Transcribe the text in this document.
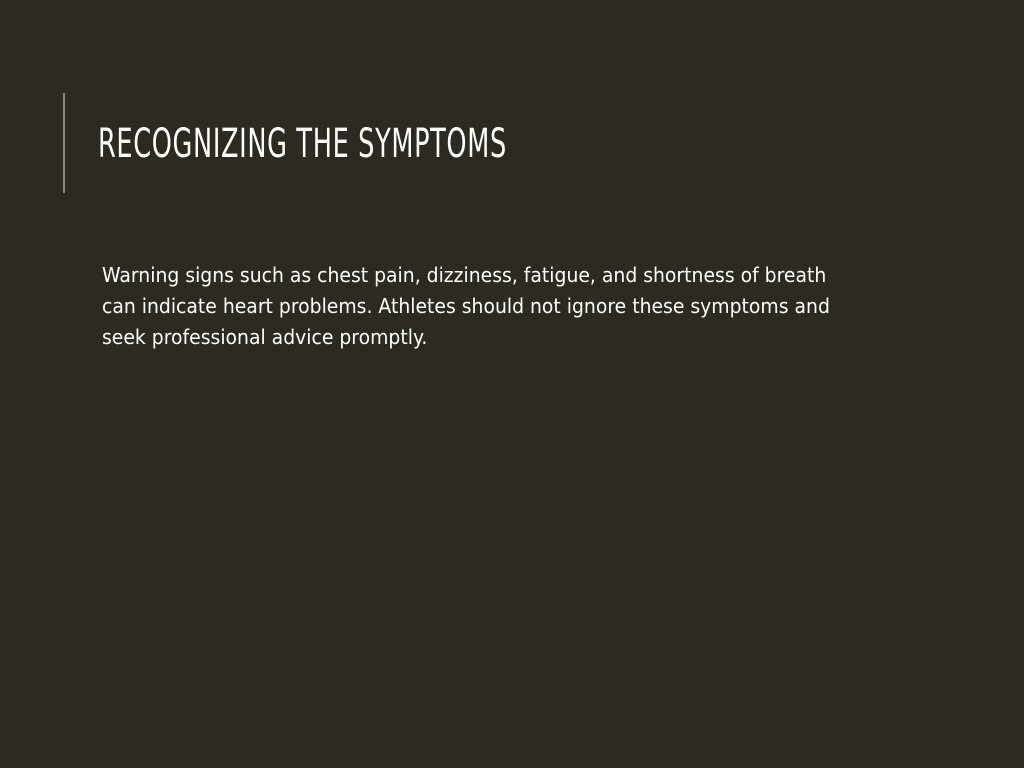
RECOGNIZING THE SYMPTOMS

Warning signs such as chest pain, dizziness, fatigue, and shortness of breath can indicate heart problems. Athletes should not ignore these symptoms and seek professional advice promptly.
